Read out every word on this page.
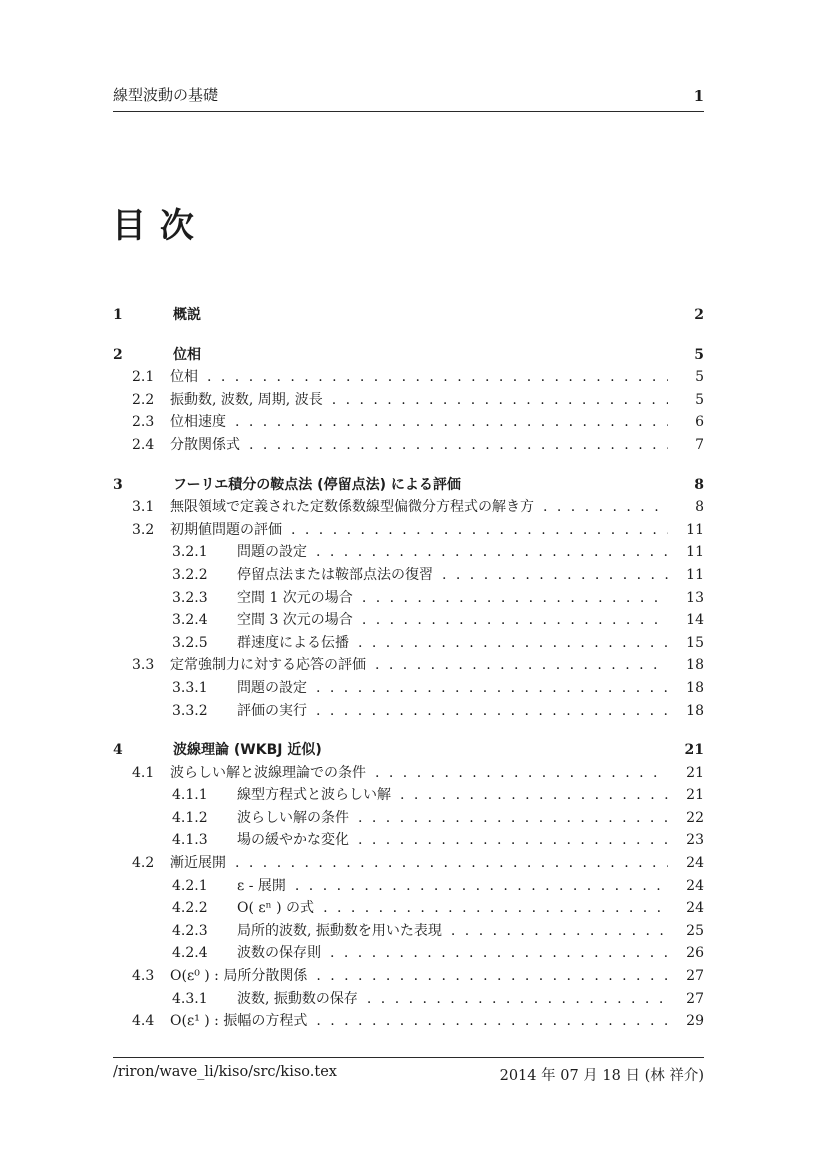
線型波動の基礎	1
目 次
1	概説	2
2	位相	5
2.1 位相 . . .	5
2.2 振動数, 波数, 周期, 波長 . . .	5
2.3 位相速度 . . .	6
2.4 分散関係式 . . .	7
3	フーリエ積分の鞍点法 (停留点法) による評価	8
3.1 無限領域で定義された定数係数線型偏微分方程式の解き方 . . .	8
3.2 初期値問題の評価 . . .	11
3.2.1 問題の設定 . . .	11
3.2.2 停留点法または鞍部点法の復習 . . .	11
3.2.3 空間 1 次元の場合 . . .	13
3.2.4 空間 3 次元の場合 . . .	14
3.2.5 群速度による伝播 . . .	15
3.3 定常強制力に対する応答の評価 . . .	18
3.3.1 問題の設定 . . .	18
3.3.2 評価の実行 . . .	18
4	波線理論 (WKBJ 近似)	21
4.1 波らしい解と波線理論での条件 . . .	21
4.1.1 線型方程式と波らしい解 . . .	21
4.1.2 波らしい解の条件 . . .	22
4.1.3 場の緩やかな変化 . . .	23
4.2 漸近展開 . . .	24
4.2.1 ε - 展開 . . .	24
4.2.2 O( εⁿ ) の式 . . .	24
4.2.3 局所的波数, 振動数を用いた表現 . . .	25
4.2.4 波数の保存則 . . .	26
4.3 O(ε⁰ ) : 局所分散関係 . . .	27
4.3.1 波数, 振動数の保存 . . .	27
4.4 O(ε¹ ) : 振幅の方程式 . . .	29
/riron/wave_li/kiso/src/kiso.tex	2014 年 07 月 18 日 (林 祥介)
